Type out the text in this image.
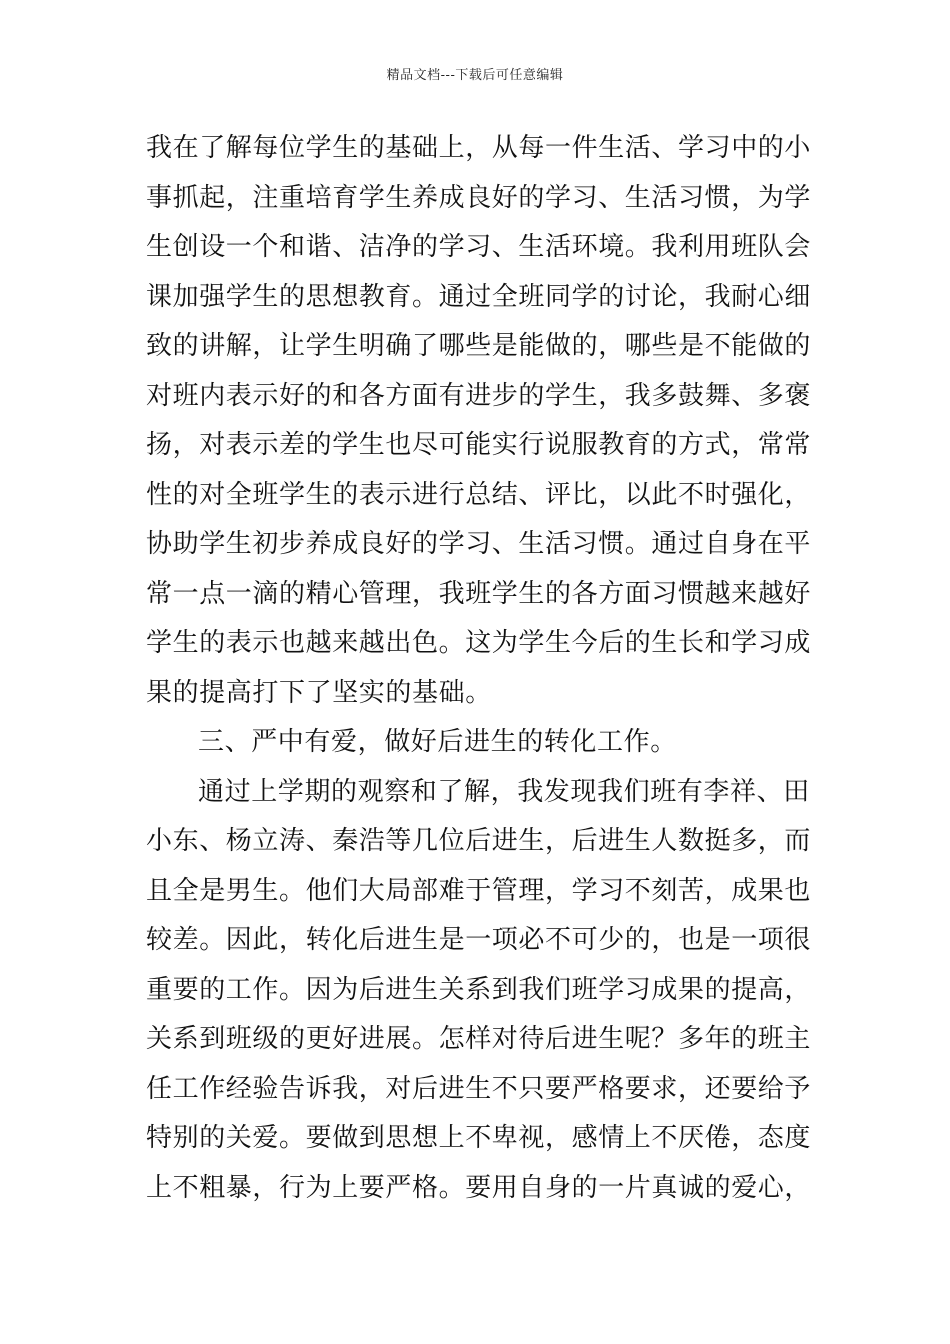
精品文档---下载后可任意编辑
我在了解每位学生的基础上，从每一件生活、学习中的小
事抓起，注重培育学生养成良好的学习、生活习惯，为学
生创设一个和谐、洁净的学习、生活环境。我利用班队会
课加强学生的思想教育。通过全班同学的讨论，我耐心细
致的讲解，让学生明确了哪些是能做的，哪些是不能做的
对班内表示好的和各方面有进步的学生，我多鼓舞、多褒
扬，对表示差的学生也尽可能实行说服教育的方式，常常
性的对全班学生的表示进行总结、评比，以此不时强化，
协助学生初步养成良好的学习、生活习惯。通过自身在平
常一点一滴的精心管理，我班学生的各方面习惯越来越好
学生的表示也越来越出色。这为学生今后的生长和学习成
果的提高打下了坚实的基础。
三、严中有爱，做好后进生的转化工作。
通过上学期的观察和了解，我发现我们班有李祥、田
小东、杨立涛、秦浩等几位后进生，后进生人数挺多，而
且全是男生。他们大局部难于管理，学习不刻苦，成果也
较差。因此，转化后进生是一项必不可少的，也是一项很
重要的工作。因为后进生关系到我们班学习成果的提高，
关系到班级的更好进展。怎样对待后进生呢？多年的班主
任工作经验告诉我，对后进生不只要严格要求，还要给予
特别的关爱。要做到思想上不卑视，感情上不厌倦，态度
上不粗暴，行为上要严格。要用自身的一片真诚的爱心，
